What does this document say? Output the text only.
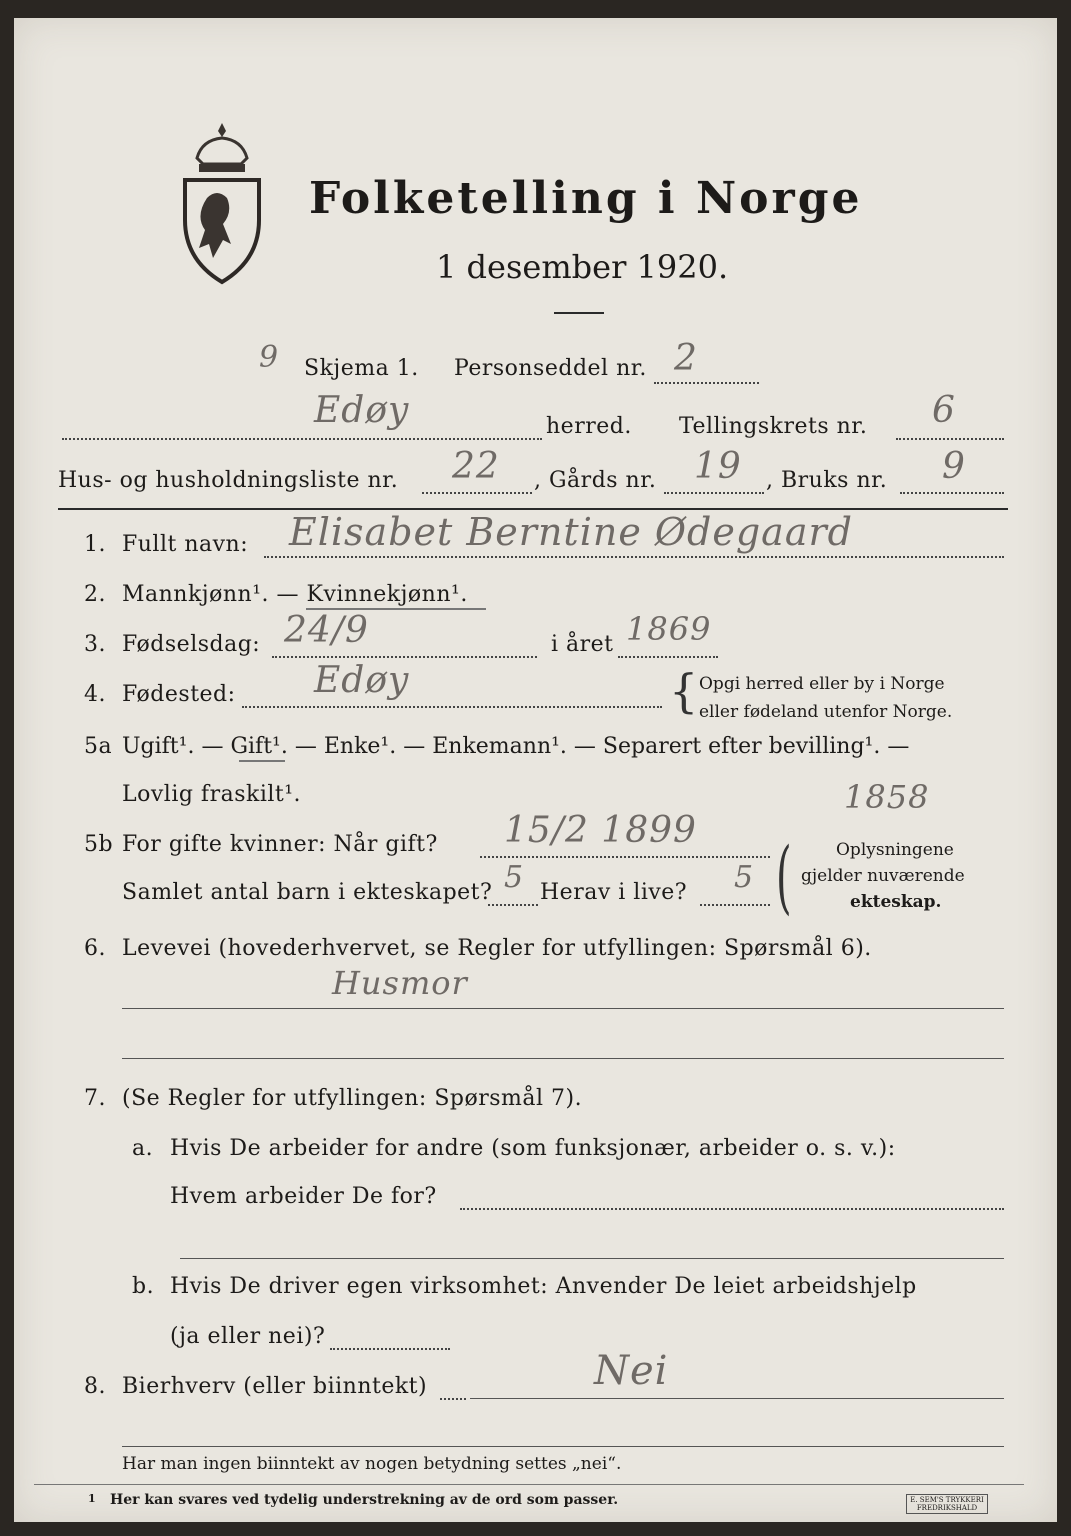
Folketelling i Norge
1 desember 1920.
9 Skjema 1. Personseddel nr. 2
Edøy	herred. Tellingskrets nr. 6
Hus- og husholdningsliste nr. 22 , Gårds nr. 19 , Bruks nr. 9
1. Fullt navn: Elisabet Berntine Ødegaard
2. Mannkjønn¹. — Kvinnekjønn¹.
3. Fødselsdag: 24/9	i året 1869
4. Fødested: Edøy	{ Opgi herred eller by i Norge
eller fødeland utenfor Norge.
5a Ugift¹. — Gift¹. — Enke¹. — Enkemann¹. — Separert efter bevilling¹. —
Lovlig fraskilt¹.	1858
5b For gifte kvinner: Når gift? 15/2 1899
Samlet antal barn i ekteskapet? 5 Herav i live? 5 (	Oplysningene
gjelder nuværende
ekteskap.
6. Levevei (hovederhvervet, se Regler for utfyllingen: Spørsmål 6).
Husmor
7. (Se Regler for utfyllingen: Spørsmål 7).
a. Hvis De arbeider for andre (som funksjonær, arbeider o. s. v.):
Hvem arbeider De for?
b. Hvis De driver egen virksomhet: Anvender De leiet arbeidshjelp
(ja eller nei)?
8. Bierhverv (eller biinntekt)	Nei
Har man ingen biinntekt av nogen betydning settes „nei“.
1 Her kan svares ved tydelig understrekning av de ord som passer.	E. SEM'S TRYKKERI FREDRIKSHALD
